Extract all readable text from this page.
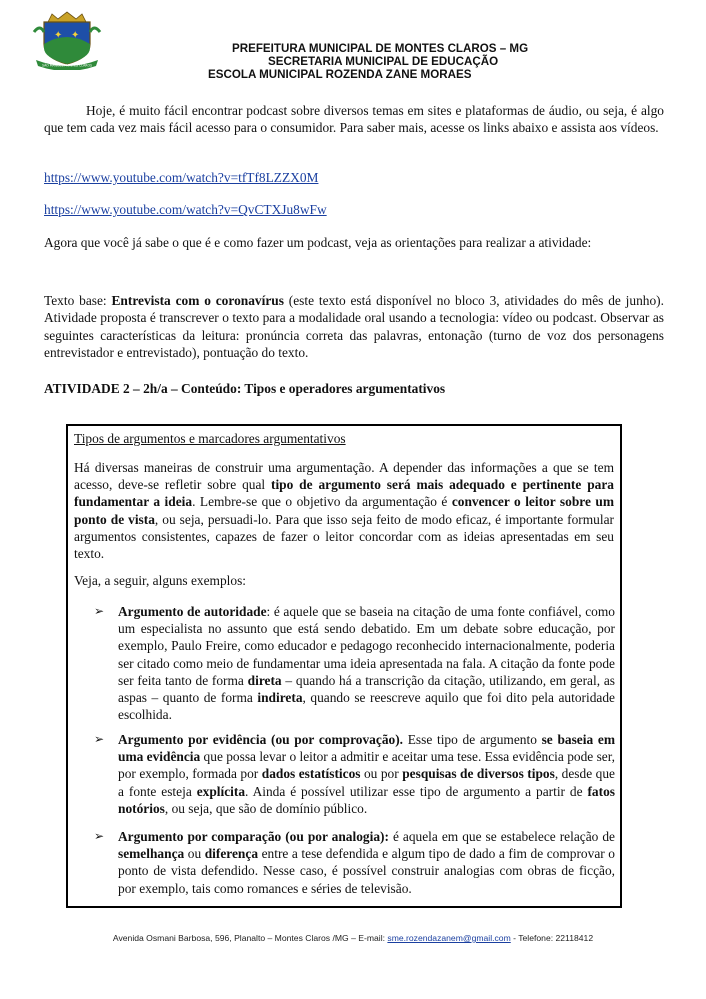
✦ ✦
SÃO MANOEL MONTES CLAROS
PREFEITURA MUNICIPAL DE MONTES CLAROS – MG
SECRETARIA MUNICIPAL DE EDUCAÇÃO
ESCOLA MUNICIPAL ROZENDA ZANE MORAES
Hoje, é muito fácil encontrar podcast sobre diversos temas em sites e plataformas de áudio, ou seja, é algo que tem cada vez mais fácil acesso para o consumidor. Para saber mais, acesse os links abaixo e assista aos vídeos.
https://www.youtube.com/watch?v=tfTf8LZZX0M
https://www.youtube.com/watch?v=QvCTXJu8wFw
Agora que você já sabe o que é e como fazer um podcast, veja as orientações para realizar a atividade:
Texto base: Entrevista com o coronavírus (este texto está disponível no bloco 3, atividades do mês de junho). Atividade proposta é transcrever o texto para a modalidade oral usando a tecnologia: vídeo ou podcast. Observar as seguintes características da leitura: pronúncia correta das palavras, entonação (turno de voz dos personagens entrevistador e entrevistado), pontuação do texto.
ATIVIDADE 2 – 2h/a – Conteúdo: Tipos e operadores argumentativos
Tipos de argumentos e marcadores argumentativos
Há diversas maneiras de construir uma argumentação. A depender das informações a que se tem acesso, deve-se refletir sobre qual tipo de argumento será mais adequado e pertinente para fundamentar a ideia. Lembre-se que o objetivo da argumentação é convencer o leitor sobre um ponto de vista, ou seja, persuadi-lo. Para que isso seja feito de modo eficaz, é importante formular argumentos consistentes, capazes de fazer o leitor concordar com as ideias apresentadas em seu texto.
Veja, a seguir, alguns exemplos:
➢ Argumento de autoridade: é aquele que se baseia na citação de uma fonte confiável, como um especialista no assunto que está sendo debatido. Em um debate sobre educação, por exemplo, Paulo Freire, como educador e pedagogo reconhecido internacionalmente, poderia ser citado como meio de fundamentar uma ideia apresentada na fala. A citação da fonte pode ser feita tanto de forma direta – quando há a transcrição da citação, utilizando, em geral, as aspas – quanto de forma indireta, quando se reescreve aquilo que foi dito pela autoridade escolhida.
➢ Argumento por evidência (ou por comprovação). Esse tipo de argumento se baseia em uma evidência que possa levar o leitor a admitir e aceitar uma tese. Essa evidência pode ser, por exemplo, formada por dados estatísticos ou por pesquisas de diversos tipos, desde que a fonte esteja explícita. Ainda é possível utilizar esse tipo de argumento a partir de fatos notórios, ou seja, que são de domínio público.
➢ Argumento por comparação (ou por analogia): é aquela em que se estabelece relação de semelhança ou diferença entre a tese defendida e algum tipo de dado a fim de comprovar o ponto de vista defendido. Nesse caso, é possível construir analogias com obras de ficção, por exemplo, tais como romances e séries de televisão.
Avenida Osmani Barbosa, 596, Planalto – Montes Claros /MG – E-mail: sme.rozendazanem@gmail.com - Telefone: 22118412
